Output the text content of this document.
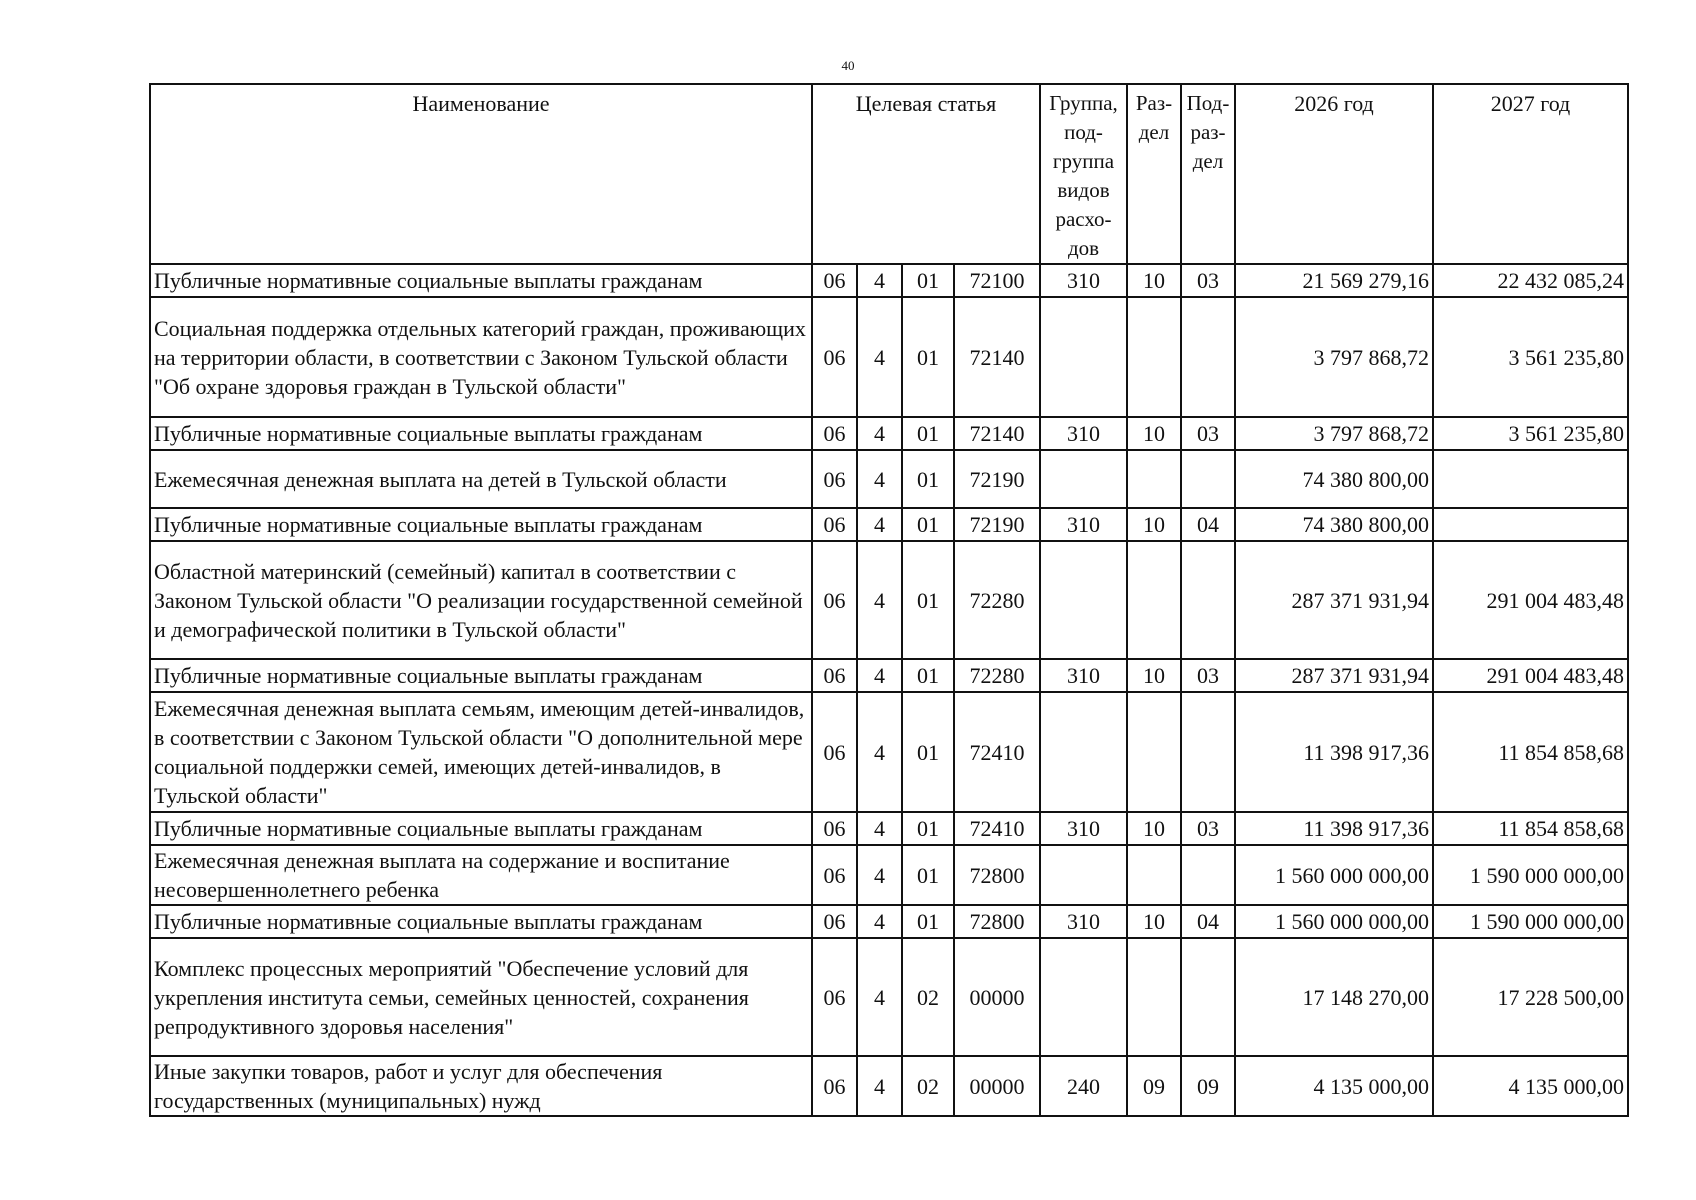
40
Наименование	Целевая статья				Группа, под-группа видов расхо-дов	Раз-дел	Под-раз-дел	2026 год	2027 год
Публичные нормативные социальные выплаты гражданам	06	4	01	72100	310	10	03	21 569 279,16	22 432 085,24
Социальная поддержка отдельных категорий граждан, проживающих на территории области, в соответствии с Законом Тульской области "Об охране здоровья граждан в Тульской области"	06	4	01	72140				3 797 868,72	3 561 235,80
Публичные нормативные социальные выплаты гражданам	06	4	01	72140	310	10	03	3 797 868,72	3 561 235,80
Ежемесячная денежная выплата на детей в Тульской области	06	4	01	72190				74 380 800,00	
Публичные нормативные социальные выплаты гражданам	06	4	01	72190	310	10	04	74 380 800,00	
Областной материнский (семейный) капитал в соответствии с Законом Тульской области "О реализации государственной семейной и демографической политики в Тульской области"	06	4	01	72280				287 371 931,94	291 004 483,48
Публичные нормативные социальные выплаты гражданам	06	4	01	72280	310	10	03	287 371 931,94	291 004 483,48
Ежемесячная денежная выплата семьям, имеющим детей-инвалидов, в соответствии с Законом Тульской области "О дополнительной мере социальной поддержки семей, имеющих детей-инвалидов, в Тульской области"	06	4	01	72410				11 398 917,36	11 854 858,68
Публичные нормативные социальные выплаты гражданам	06	4	01	72410	310	10	03	11 398 917,36	11 854 858,68
Ежемесячная денежная выплата на содержание и воспитание несовершеннолетнего ребенка	06	4	01	72800				1 560 000 000,00	1 590 000 000,00
Публичные нормативные социальные выплаты гражданам	06	4	01	72800	310	10	04	1 560 000 000,00	1 590 000 000,00
Комплекс процессных мероприятий "Обеспечение условий для укрепления института семьи, семейных ценностей, сохранения репродуктивного здоровья населения"	06	4	02	00000				17 148 270,00	17 228 500,00
Иные закупки товаров, работ и услуг для обеспечения государственных (муниципальных) нужд	06	4	02	00000	240	09	09	4 135 000,00	4 135 000,00
